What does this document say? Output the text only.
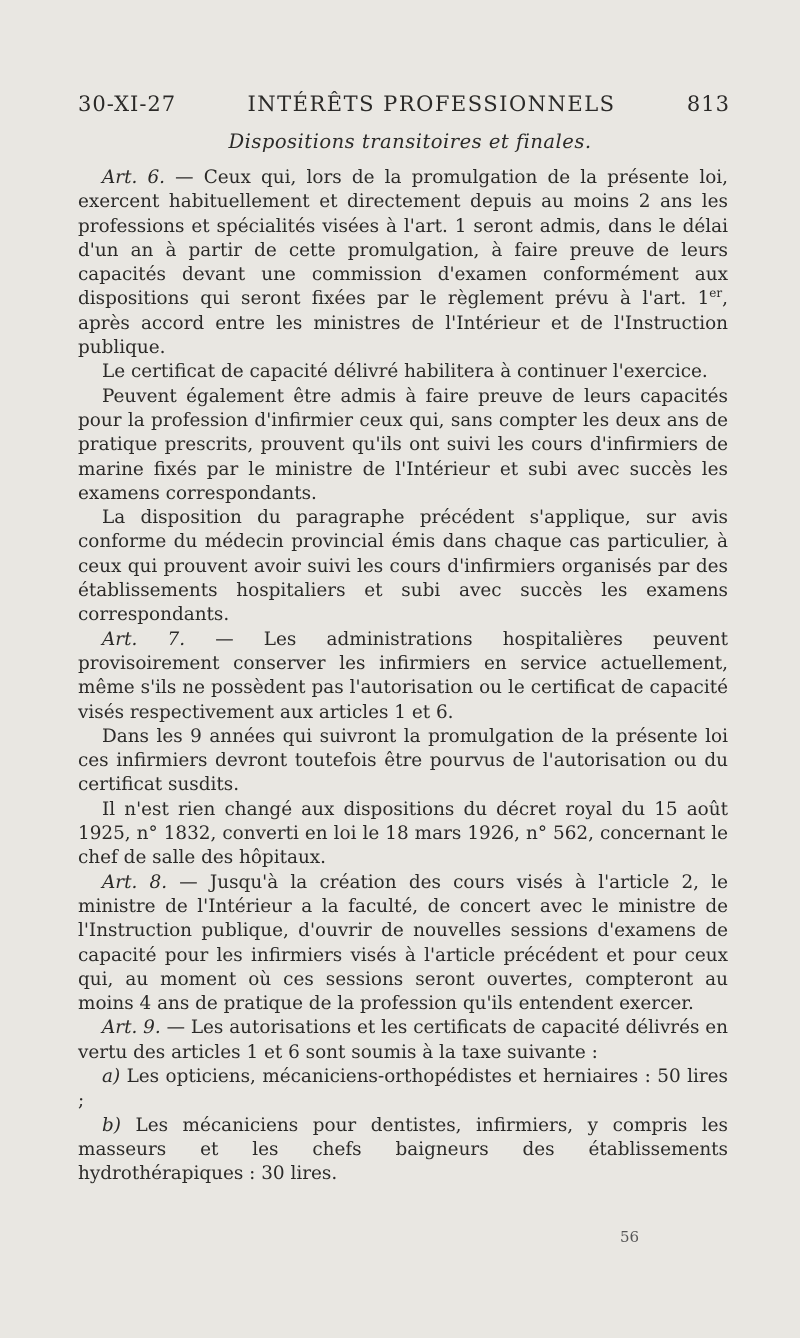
30-XI-27	INTÉRÊTS PROFESSIONNELS	813
Dispositions transitoires et finales.

Art. 6. — Ceux qui, lors de la promulgation de la présente loi, exercent habituellement et directement depuis au moins 2 ans les professions et spécialités visées à l'art. 1 seront admis, dans le délai d'un an à partir de cette promulgation, à faire preuve de leurs capacités devant une commission d'examen conformément aux dispositions qui seront fixées par le règlement prévu à l'art. 1er, après accord entre les ministres de l'Intérieur et de l'Instruction publique.

Le certificat de capacité délivré habilitera à continuer l'exercice.

Peuvent également être admis à faire preuve de leurs capacités pour la profession d'infirmier ceux qui, sans compter les deux ans de pratique prescrits, prouvent qu'ils ont suivi les cours d'infirmiers de marine fixés par le ministre de l'Intérieur et subi avec succès les examens correspondants.

La disposition du paragraphe précédent s'applique, sur avis conforme du médecin provincial émis dans chaque cas particulier, à ceux qui prouvent avoir suivi les cours d'infirmiers organisés par des établissements hospitaliers et subi avec succès les examens correspondants.

Art. 7. — Les administrations hospitalières peuvent provisoirement conserver les infirmiers en service actuellement, même s'ils ne possèdent pas l'autorisation ou le certificat de capacité visés respectivement aux articles 1 et 6.

Dans les 9 années qui suivront la promulgation de la présente loi ces infirmiers devront toutefois être pourvus de l'autorisation ou du certificat susdits.

Il n'est rien changé aux dispositions du décret royal du 15 août 1925, n° 1832, converti en loi le 18 mars 1926, n° 562, concernant le chef de salle des hôpitaux.

Art. 8. — Jusqu'à la création des cours visés à l'article 2, le ministre de l'Intérieur a la faculté, de concert avec le ministre de l'Instruction publique, d'ouvrir de nouvelles sessions d'examens de capacité pour les infirmiers visés à l'article précédent et pour ceux qui, au moment où ces sessions seront ouvertes, compteront au moins 4 ans de pratique de la profession qu'ils entendent exercer.

Art. 9. — Les autorisations et les certificats de capacité délivrés en vertu des articles 1 et 6 sont soumis à la taxe suivante :

a) Les opticiens, mécaniciens-orthopédistes et herniaires : 50 lires ;

b) Les mécaniciens pour dentistes, infirmiers, y compris les masseurs et les chefs baigneurs des établissements hydrothérapiques : 30 lires.

56
